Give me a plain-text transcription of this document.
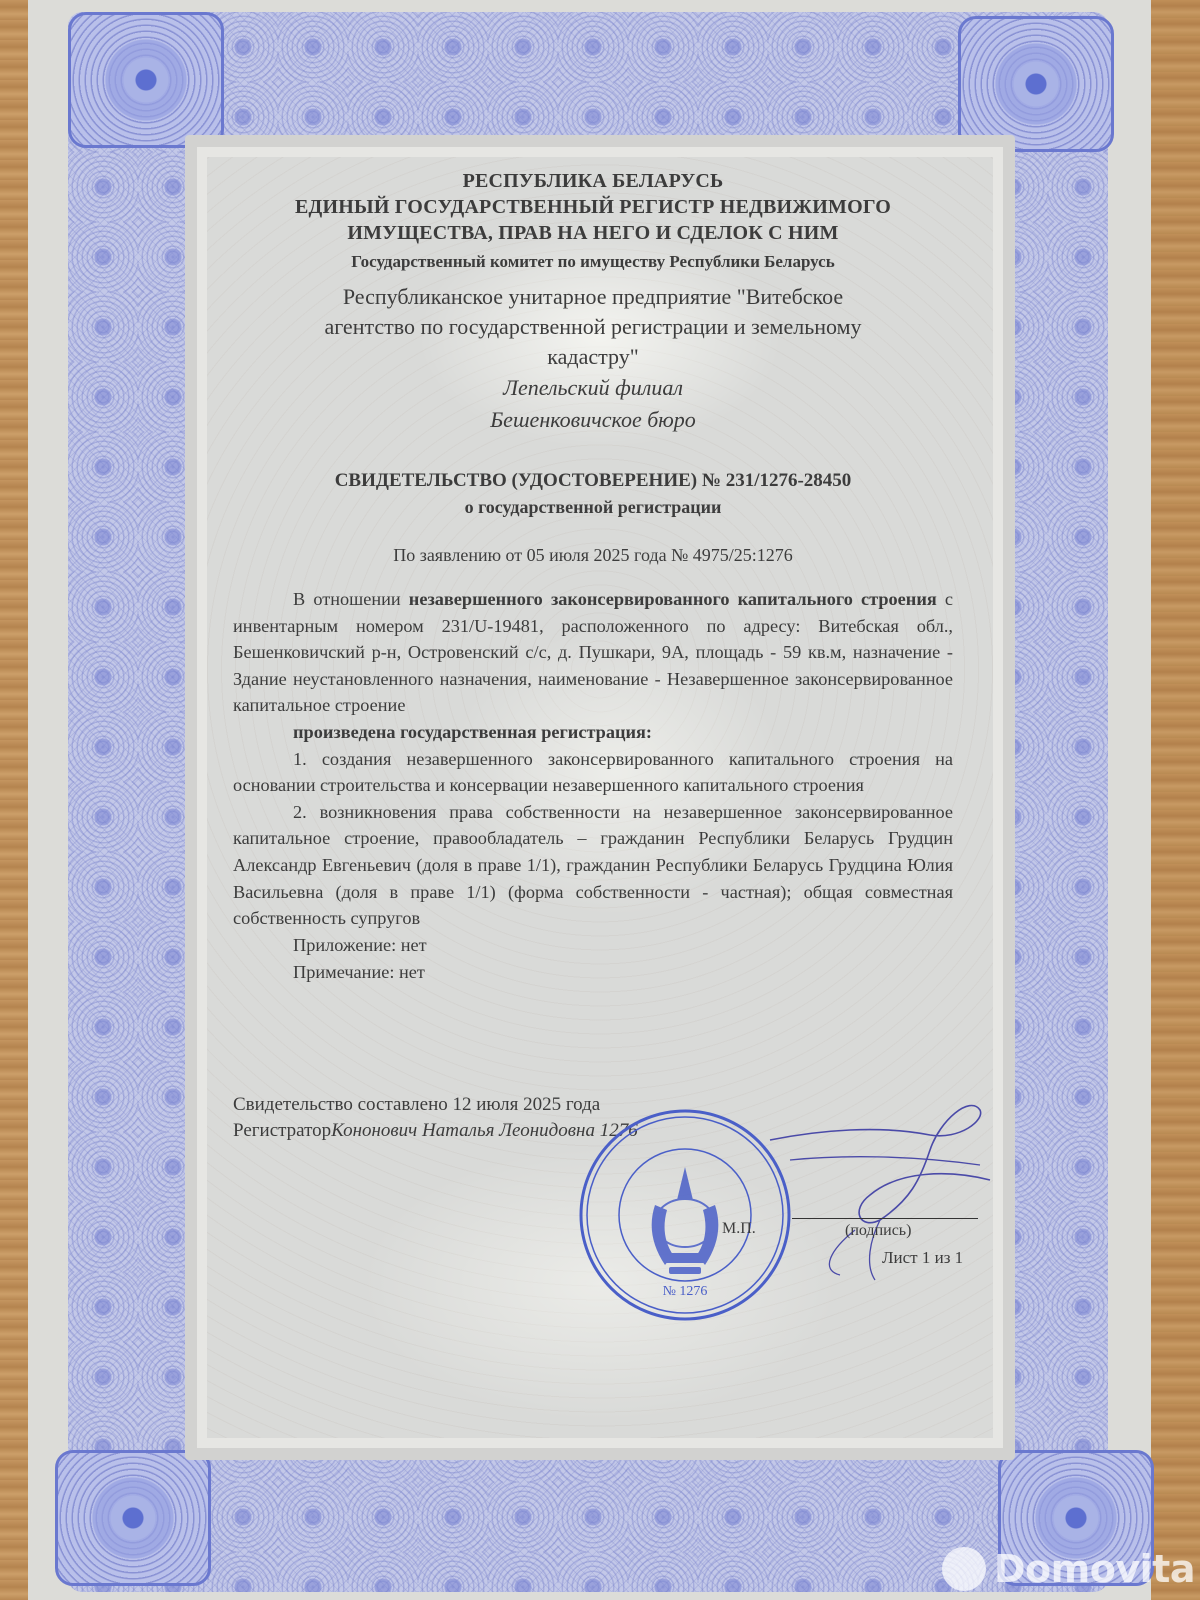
РЕСПУБЛИКА БЕЛАРУСЬ
ЕДИНЫЙ ГОСУДАРСТВЕННЫЙ РЕГИСТР НЕДВИЖИМОГО
ИМУЩЕСТВА, ПРАВ НА НЕГО И СДЕЛОК С НИМ
Государственный комитет по имуществу Республики Беларусь
Республиканское унитарное предприятие "Витебское
агентство по государственной регистрации и земельному
кадастру"
Лепельский филиал
Бешенковичское бюро
СВИДЕТЕЛЬСТВО (УДОСТОВЕРЕНИЕ) № 231/1276-28450
о государственной регистрации
По заявлению от 05 июля 2025 года № 4975/25:1276

В отношении незавершенного законсервированного капитального строения с инвентарным номером 231/U-19481, расположенного по адресу: Витебская обл., Бешенковичский р-н, Островенский с/с, д. Пушкари, 9А, площадь - 59 кв.м, назначение - Здание неустановленного назначения, наименование - Незавершенное законсервированное капитальное строение

произведена государственная регистрация:

1. создания незавершенного законсервированного капитального строения на основании строительства и консервации незавершенного капитального строения

2. возникновения права собственности на незавершенное законсервированное капитальное строение, правообладатель – гражданин Республики Беларусь Грудцин Александр Евгеньевич (доля в праве 1/1), гражданин Республики Беларусь Грудцина Юлия Васильевна (доля в праве 1/1) (форма собственности - частная); общая совместная собственность супругов

Приложение: нет
Примечание: нет
Свидетельство составлено 12 июля 2025 года
РегистраторКононович Наталья Леонидовна 1276
№ 1276
М.П.	(подпись)
Лист 1 из 1
Domovita
